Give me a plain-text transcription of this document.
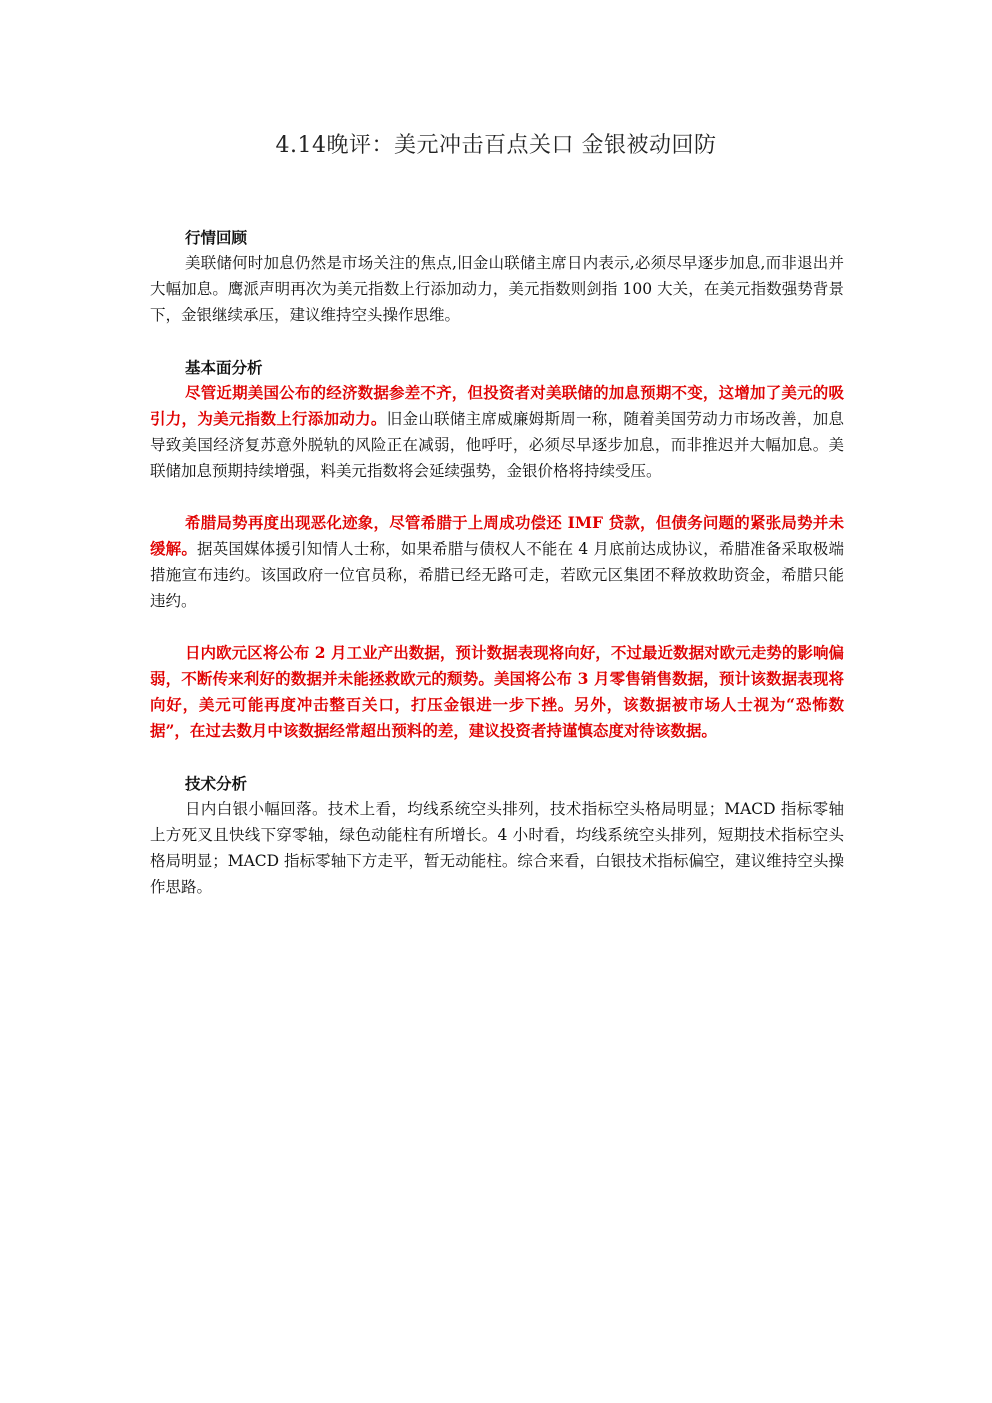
4.14晚评：美元冲击百点关口 金银被动回防
行情回顾

美联储何时加息仍然是市场关注的焦点,旧金山联储主席日内表示,必须尽早逐步加息,而非退出并大幅加息。鹰派声明再次为美元指数上行添加动力，美元指数则剑指 100 大关，在美元指数强势背景下，金银继续承压，建议维持空头操作思维。

基本面分析

尽管近期美国公布的经济数据参差不齐，但投资者对美联储的加息预期不变，这增加了美元的吸引力，为美元指数上行添加动力。旧金山联储主席威廉姆斯周一称，随着美国劳动力市场改善，加息导致美国经济复苏意外脱轨的风险正在减弱，他呼吁，必须尽早逐步加息，而非推迟并大幅加息。美联储加息预期持续增强，料美元指数将会延续强势，金银价格将持续受压。

希腊局势再度出现恶化迹象，尽管希腊于上周成功偿还 IMF 贷款，但债务问题的紧张局势并未缓解。据英国媒体援引知情人士称，如果希腊与债权人不能在 4 月底前达成协议，希腊准备采取极端措施宣布违约。该国政府一位官员称，希腊已经无路可走，若欧元区集团不释放救助资金，希腊只能违约。

日内欧元区将公布 2 月工业产出数据，预计数据表现将向好，不过最近数据对欧元走势的影响偏弱，不断传来利好的数据并未能拯救欧元的颓势。美国将公布 3 月零售销售数据，预计该数据表现将向好，美元可能再度冲击整百关口，打压金银进一步下挫。另外，该数据被市场人士视为“恐怖数据”，在过去数月中该数据经常超出预料的差，建议投资者持谨慎态度对待该数据。

技术分析

日内白银小幅回落。技术上看，均线系统空头排列，技术指标空头格局明显；MACD 指标零轴上方死叉且快线下穿零轴，绿色动能柱有所增长。4 小时看，均线系统空头排列，短期技术指标空头格局明显；MACD 指标零轴下方走平，暂无动能柱。综合来看，白银技术指标偏空，建议维持空头操作思路。
